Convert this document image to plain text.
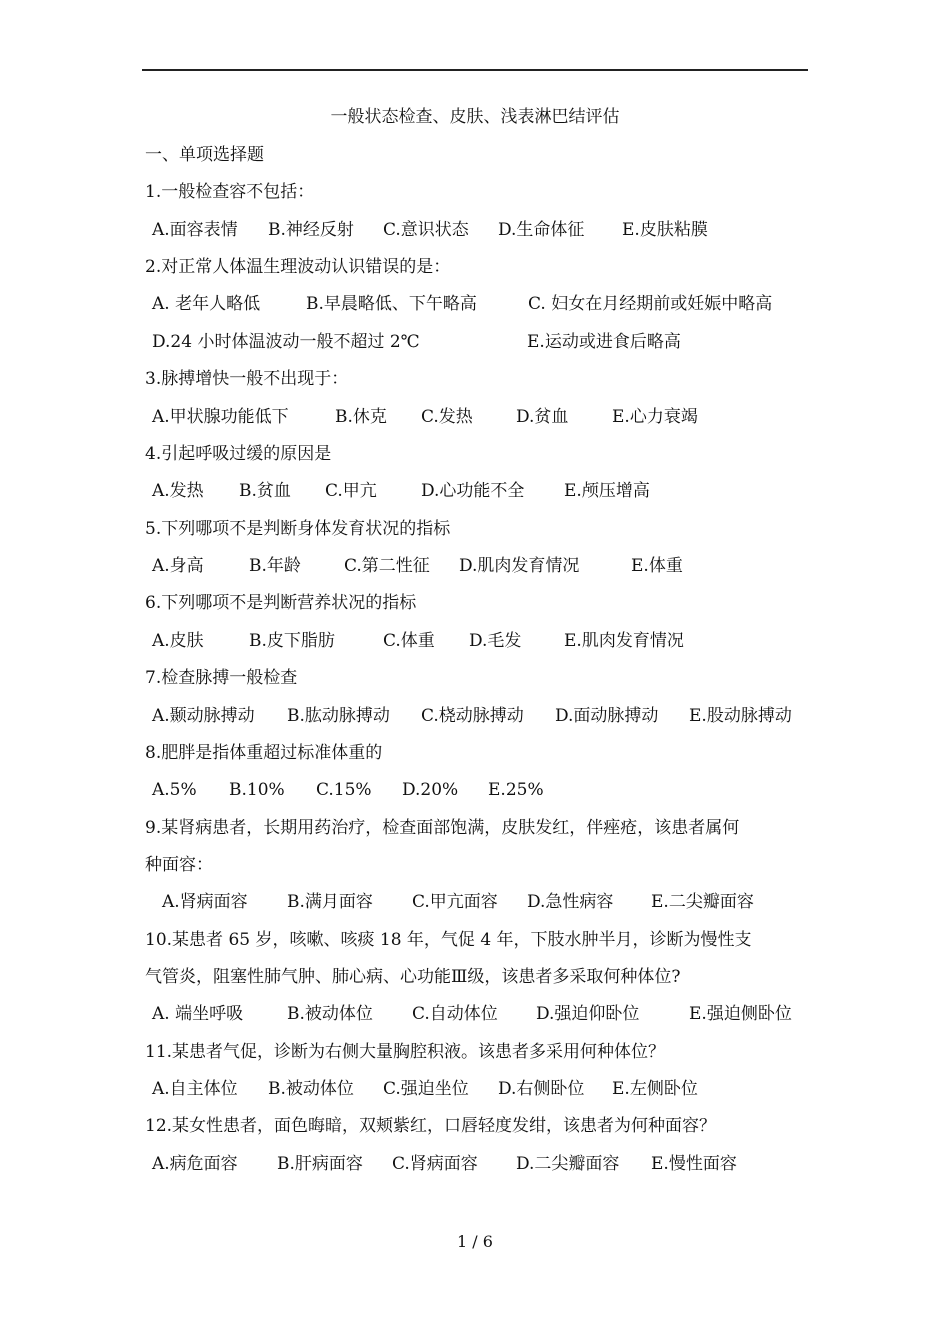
一般状态检查、皮肤、浅表淋巴结评估
一、单项选择题
1.一般检查容不包括：
A.面容表情 B.神经反射 C.意识状态 D.生命体征 E.皮肤粘膜
2.对正常人体温生理波动认识错误的是：
A. 老年人略低	B.早晨略低、下午略高	C. 妇女在月经期前或妊娠中略高
D.24 小时体温波动一般不超过 2℃	E.运动或进食后略高
3.脉搏增快一般不出现于：
A.甲状腺功能低下	B.休克 C.发热	D.贫血	E.心力衰竭
4.引起呼吸过缓的原因是
A.发热 B.贫血 C.甲亢	D.心功能不全 E.颅压增高
5.下列哪项不是判断身体发育状况的指标
A.身高	B.年龄	C.第二性征 D.肌肉发育情况	E.体重
6.下列哪项不是判断营养状况的指标
A.皮肤	B.皮下脂肪	C.体重 D.毛发	E.肌肉发育情况
7.检查脉搏一般检查
A.颞动脉搏动 B.肱动脉搏动 C.桡动脉搏动 D.面动脉搏动 E.股动脉搏动
8.肥胖是指体重超过标准体重的
A.5% B.10% C.15% D.20% E.25%
9.某肾病患者，长期用药治疗，检查面部饱满，皮肤发红，伴痤疮，该患者属何
种面容：
A.肾病面容 B.满月面容 C.甲亢面容 D.急性病容 E.二尖瓣面容
10.某患者 65 岁，咳嗽、咳痰 18 年，气促 4 年，下肢水肿半月，诊断为慢性支
气管炎，阻塞性肺气肿、肺心病、心功能Ⅲ级，该患者多采取何种体位?
A. 端坐呼吸	B.被动体位 C.自动体位 D.强迫仰卧位	E.强迫侧卧位
11.某患者气促，诊断为右侧大量胸腔积液。该患者多采用何种体位？
A.自主体位 B.被动体位 C.强迫坐位 D.右侧卧位 E.左侧卧位
12.某女性患者，面色晦暗，双颊紫红，口唇轻度发绀，该患者为何种面容？
A.病危面容 B.肝病面容 C.肾病面容 D.二尖瓣面容 E.慢性面容
1 / 6
